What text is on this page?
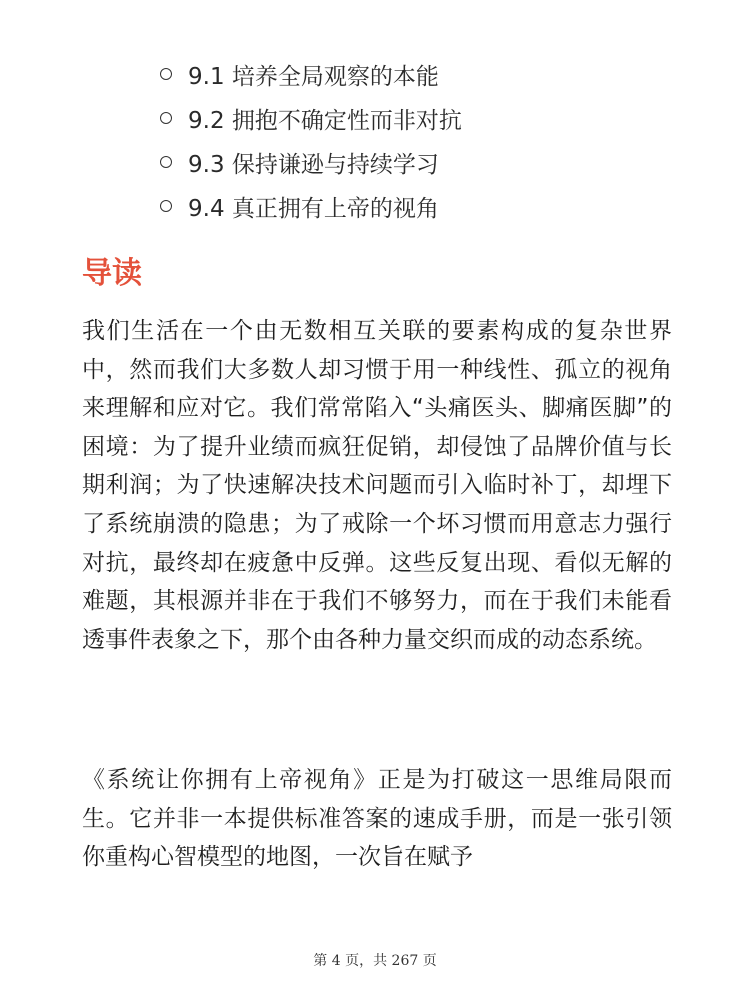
9.1 培养全局观察的本能
9.2 拥抱不确定性而非对抗
9.3 保持谦逊与持续学习
9.4 真正拥有上帝的视角
导读

我们生活在一个由无数相互关联的要素构成的复杂世界中，然而我们大多数人却习惯于用一种线性、孤立的视角来理解和应对它。我们常常陷入“头痛医头、脚痛医脚”的困境：为了提升业绩而疯狂促销，却侵蚀了品牌价值与长期利润；为了快速解决技术问题而引入临时补丁，却埋下了系统崩溃的隐患；为了戒除一个坏习惯而用意志力强行对抗，最终却在疲惫中反弹。这些反复出现、看似无解的难题，其根源并非在于我们不够努力，而在于我们未能看透事件表象之下，那个由各种力量交织而成的动态系统。

《系统让你拥有上帝视角》正是为打破这一思维局限而生。它并非一本提供标准答案的速成手册，而是一张引领你重构心智模型的地图，一次旨在赋予

第 4 页，共 267 页
